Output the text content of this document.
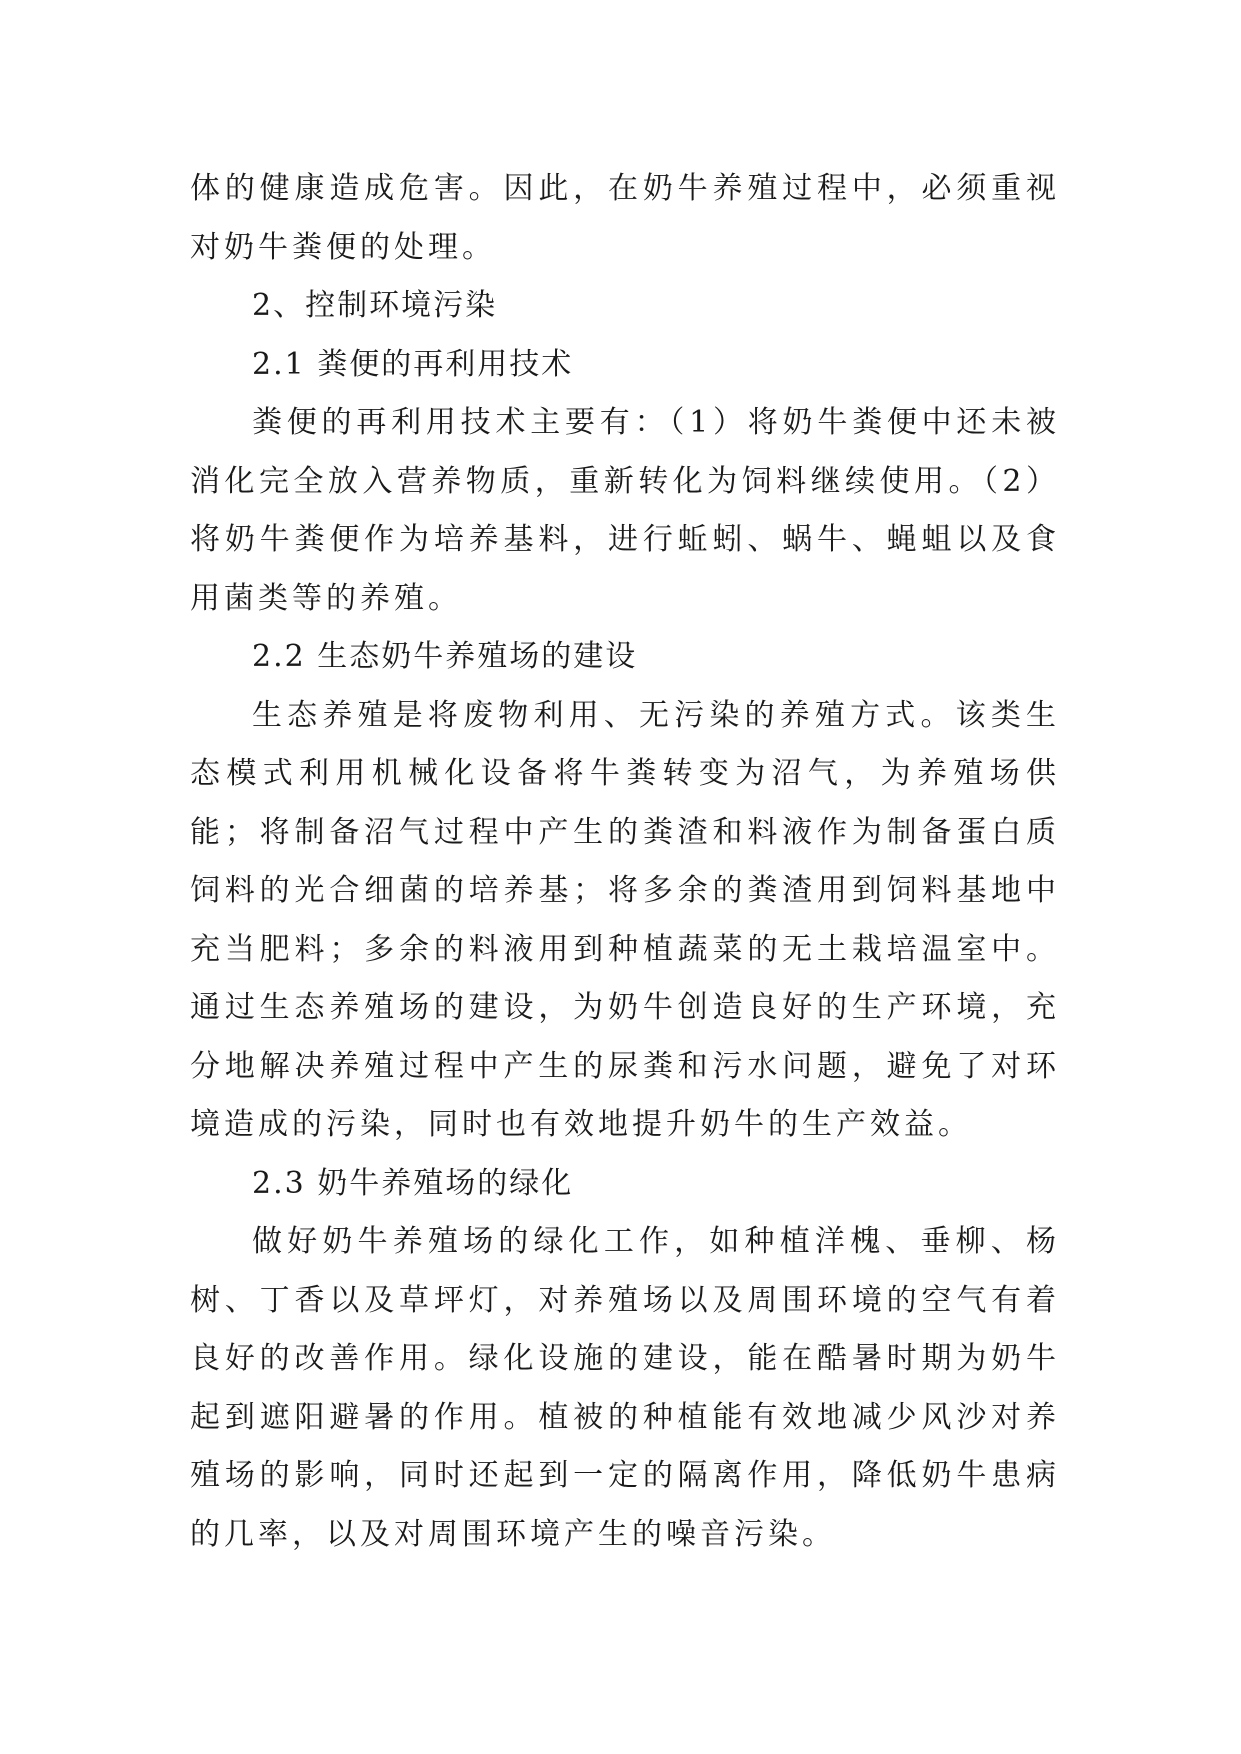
体的健康造成危害。因此，在奶牛养殖过程中，必须重视对奶牛粪便的处理。

2、控制环境污染

2.1 粪便的再利用技术

粪便的再利用技术主要有：（1）将奶牛粪便中还未被消化完全放入营养物质，重新转化为饲料继续使用。（2）将奶牛粪便作为培养基料，进行蚯蚓、蜗牛、蝇蛆以及食用菌类等的养殖。

2.2 生态奶牛养殖场的建设

生态养殖是将废物利用、无污染的养殖方式。该类生态模式利用机械化设备将牛粪转变为沼气，为养殖场供能；将制备沼气过程中产生的粪渣和料液作为制备蛋白质饲料的光合细菌的培养基；将多余的粪渣用到饲料基地中充当肥料；多余的料液用到种植蔬菜的无土栽培温室中。通过生态养殖场的建设，为奶牛创造良好的生产环境，充分地解决养殖过程中产生的尿粪和污水问题，避免了对环境造成的污染，同时也有效地提升奶牛的生产效益。

2.3 奶牛养殖场的绿化

做好奶牛养殖场的绿化工作，如种植洋槐、垂柳、杨树、丁香以及草坪灯，对养殖场以及周围环境的空气有着良好的改善作用。绿化设施的建设，能在酷暑时期为奶牛起到遮阳避暑的作用。植被的种植能有效地减少风沙对养殖场的影响，同时还起到一定的隔离作用，降低奶牛患病的几率，以及对周围环境产生的噪音污染。
